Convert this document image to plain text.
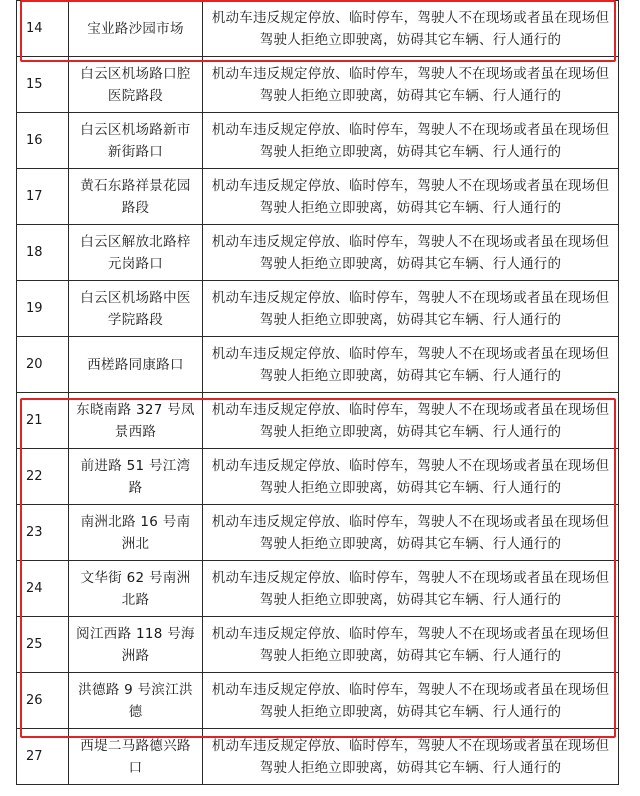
14	宝业路沙园市场	机动车违反规定停放、临时停车，驾驶人不在现场或者虽在现场但驾驶人拒绝立即驶离，妨碍其它车辆、行人通行的
15	白云区机场路口腔医院路段	机动车违反规定停放、临时停车，驾驶人不在现场或者虽在现场但驾驶人拒绝立即驶离，妨碍其它车辆、行人通行的
16	白云区机场路新市新街路口	机动车违反规定停放、临时停车，驾驶人不在现场或者虽在现场但驾驶人拒绝立即驶离，妨碍其它车辆、行人通行的
17	黄石东路祥景花园路段	机动车违反规定停放、临时停车，驾驶人不在现场或者虽在现场但驾驶人拒绝立即驶离，妨碍其它车辆、行人通行的
18	白云区解放北路梓元岗路口	机动车违反规定停放、临时停车，驾驶人不在现场或者虽在现场但驾驶人拒绝立即驶离，妨碍其它车辆、行人通行的
19	白云区机场路中医学院路段	机动车违反规定停放、临时停车，驾驶人不在现场或者虽在现场但驾驶人拒绝立即驶离，妨碍其它车辆、行人通行的
20	西槎路同康路口	机动车违反规定停放、临时停车，驾驶人不在现场或者虽在现场但驾驶人拒绝立即驶离，妨碍其它车辆、行人通行的
21	东晓南路 327 号凤景西路	机动车违反规定停放、临时停车，驾驶人不在现场或者虽在现场但驾驶人拒绝立即驶离，妨碍其它车辆、行人通行的
22	前进路 51 号江湾路	机动车违反规定停放、临时停车，驾驶人不在现场或者虽在现场但驾驶人拒绝立即驶离，妨碍其它车辆、行人通行的
23	南洲北路 16 号南洲北	机动车违反规定停放、临时停车，驾驶人不在现场或者虽在现场但驾驶人拒绝立即驶离，妨碍其它车辆、行人通行的
24	文华街 62 号南洲北路	机动车违反规定停放、临时停车，驾驶人不在现场或者虽在现场但驾驶人拒绝立即驶离，妨碍其它车辆、行人通行的
25	阅江西路 118 号海洲路	机动车违反规定停放、临时停车，驾驶人不在现场或者虽在现场但驾驶人拒绝立即驶离，妨碍其它车辆、行人通行的
26	洪德路 9 号滨江洪德	机动车违反规定停放、临时停车，驾驶人不在现场或者虽在现场但驾驶人拒绝立即驶离，妨碍其它车辆、行人通行的
27	西堤二马路德兴路口	机动车违反规定停放、临时停车，驾驶人不在现场或者虽在现场但驾驶人拒绝立即驶离，妨碍其它车辆、行人通行的
